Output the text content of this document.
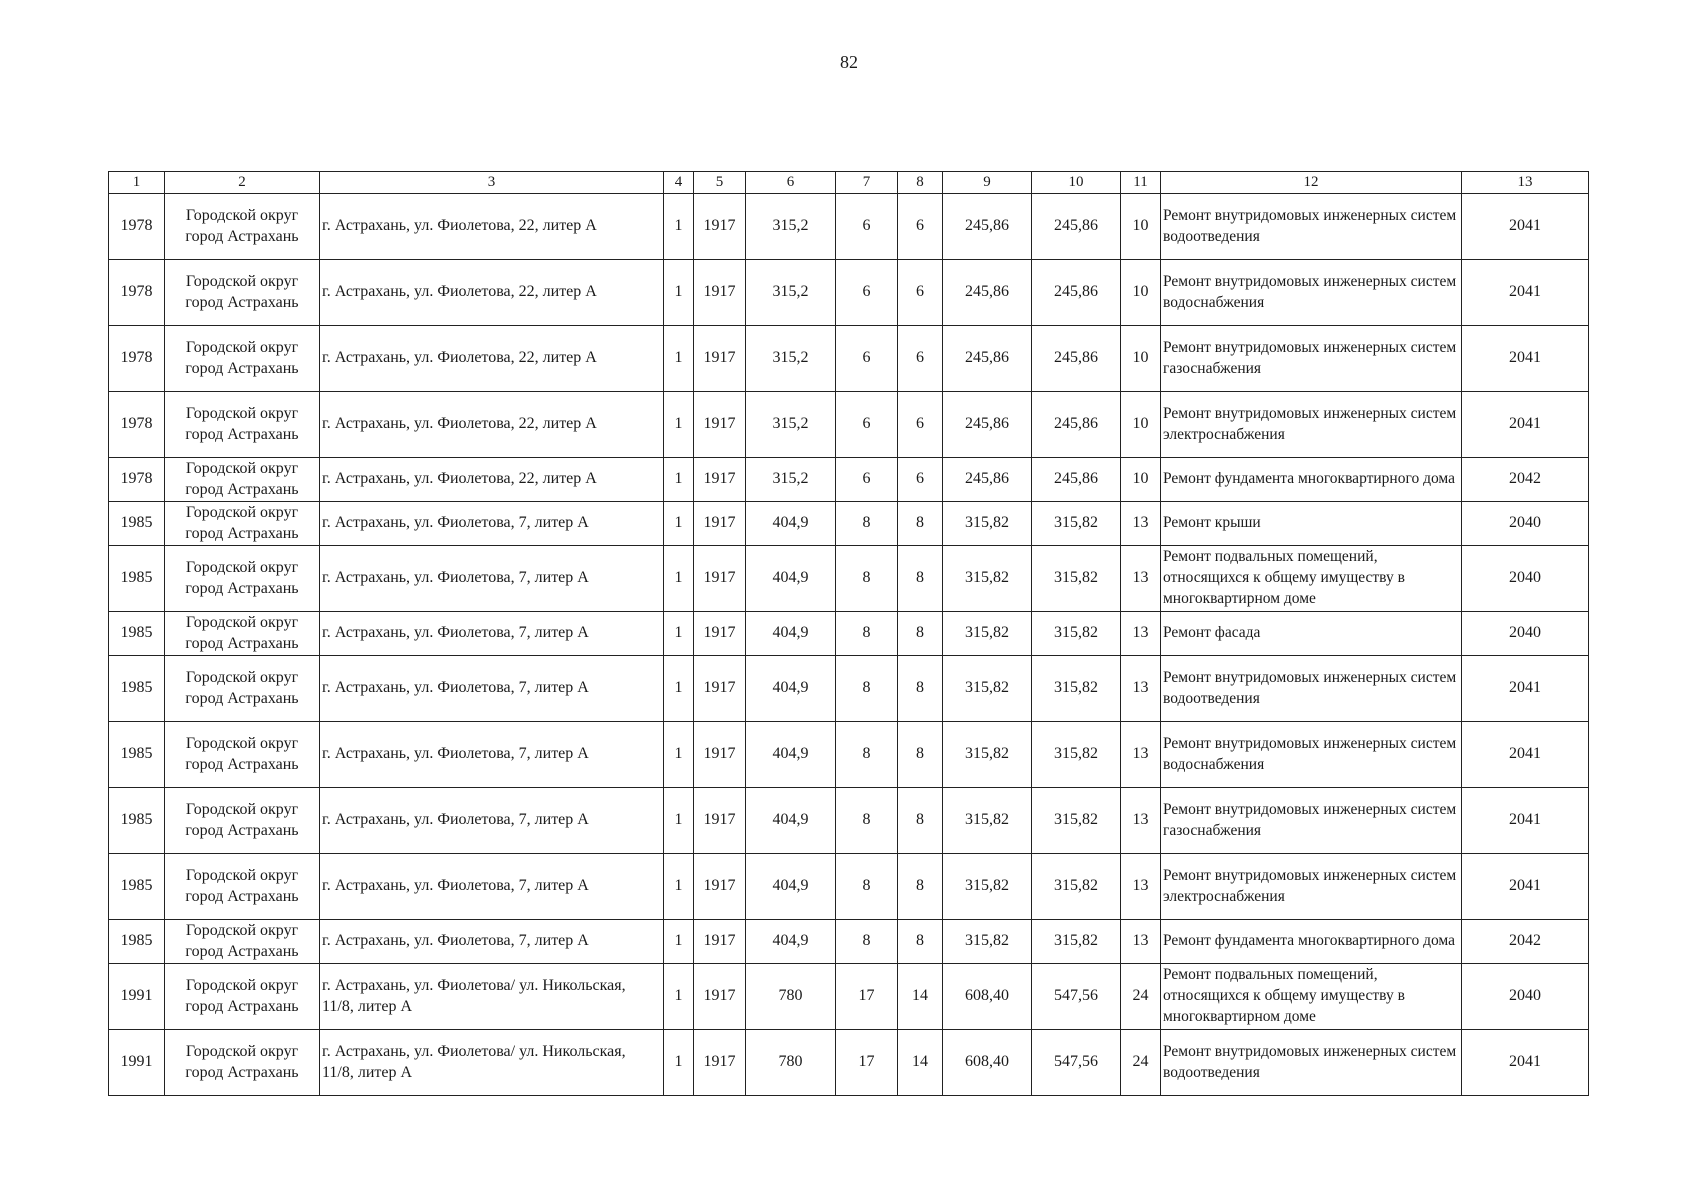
82
1	2	3	4	5	6	7	8	9	10	11	12	13
1978	Городской округ город Астрахань	г. Астрахань, ул. Фиолетова, 22, литер А	1	1917	315,2	6	6	245,86	245,86	10	Ремонт внутридомовых инженерных систем водоотведения	2041
1978	Городской округ город Астрахань	г. Астрахань, ул. Фиолетова, 22, литер А	1	1917	315,2	6	6	245,86	245,86	10	Ремонт внутридомовых инженерных систем водоснабжения	2041
1978	Городской округ город Астрахань	г. Астрахань, ул. Фиолетова, 22, литер А	1	1917	315,2	6	6	245,86	245,86	10	Ремонт внутридомовых инженерных систем газоснабжения	2041
1978	Городской округ город Астрахань	г. Астрахань, ул. Фиолетова, 22, литер А	1	1917	315,2	6	6	245,86	245,86	10	Ремонт внутридомовых инженерных систем электроснабжения	2041
1978	Городской округ город Астрахань	г. Астрахань, ул. Фиолетова, 22, литер А	1	1917	315,2	6	6	245,86	245,86	10	Ремонт фундамента многоквартирного дома	2042
1985	Городской округ город Астрахань	г. Астрахань, ул. Фиолетова, 7, литер А	1	1917	404,9	8	8	315,82	315,82	13	Ремонт крыши	2040
1985	Городской округ город Астрахань	г. Астрахань, ул. Фиолетова, 7, литер А	1	1917	404,9	8	8	315,82	315,82	13	Ремонт подвальных помещений, относящихся к общему имуществу в многоквартирном доме	2040
1985	Городской округ город Астрахань	г. Астрахань, ул. Фиолетова, 7, литер А	1	1917	404,9	8	8	315,82	315,82	13	Ремонт фасада	2040
1985	Городской округ город Астрахань	г. Астрахань, ул. Фиолетова, 7, литер А	1	1917	404,9	8	8	315,82	315,82	13	Ремонт внутридомовых инженерных систем водоотведения	2041
1985	Городской округ город Астрахань	г. Астрахань, ул. Фиолетова, 7, литер А	1	1917	404,9	8	8	315,82	315,82	13	Ремонт внутридомовых инженерных систем водоснабжения	2041
1985	Городской округ город Астрахань	г. Астрахань, ул. Фиолетова, 7, литер А	1	1917	404,9	8	8	315,82	315,82	13	Ремонт внутридомовых инженерных систем газоснабжения	2041
1985	Городской округ город Астрахань	г. Астрахань, ул. Фиолетова, 7, литер А	1	1917	404,9	8	8	315,82	315,82	13	Ремонт внутридомовых инженерных систем электроснабжения	2041
1985	Городской округ город Астрахань	г. Астрахань, ул. Фиолетова, 7, литер А	1	1917	404,9	8	8	315,82	315,82	13	Ремонт фундамента многоквартирного дома	2042
1991	Городской округ город Астрахань	г. Астрахань, ул. Фиолетова/ ул. Никольская, 11/8, литер А	1	1917	780	17	14	608,40	547,56	24	Ремонт подвальных помещений, относящихся к общему имуществу в многоквартирном доме	2040
1991	Городской округ город Астрахань	г. Астрахань, ул. Фиолетова/ ул. Никольская, 11/8, литер А	1	1917	780	17	14	608,40	547,56	24	Ремонт внутридомовых инженерных систем водоотведения	2041
